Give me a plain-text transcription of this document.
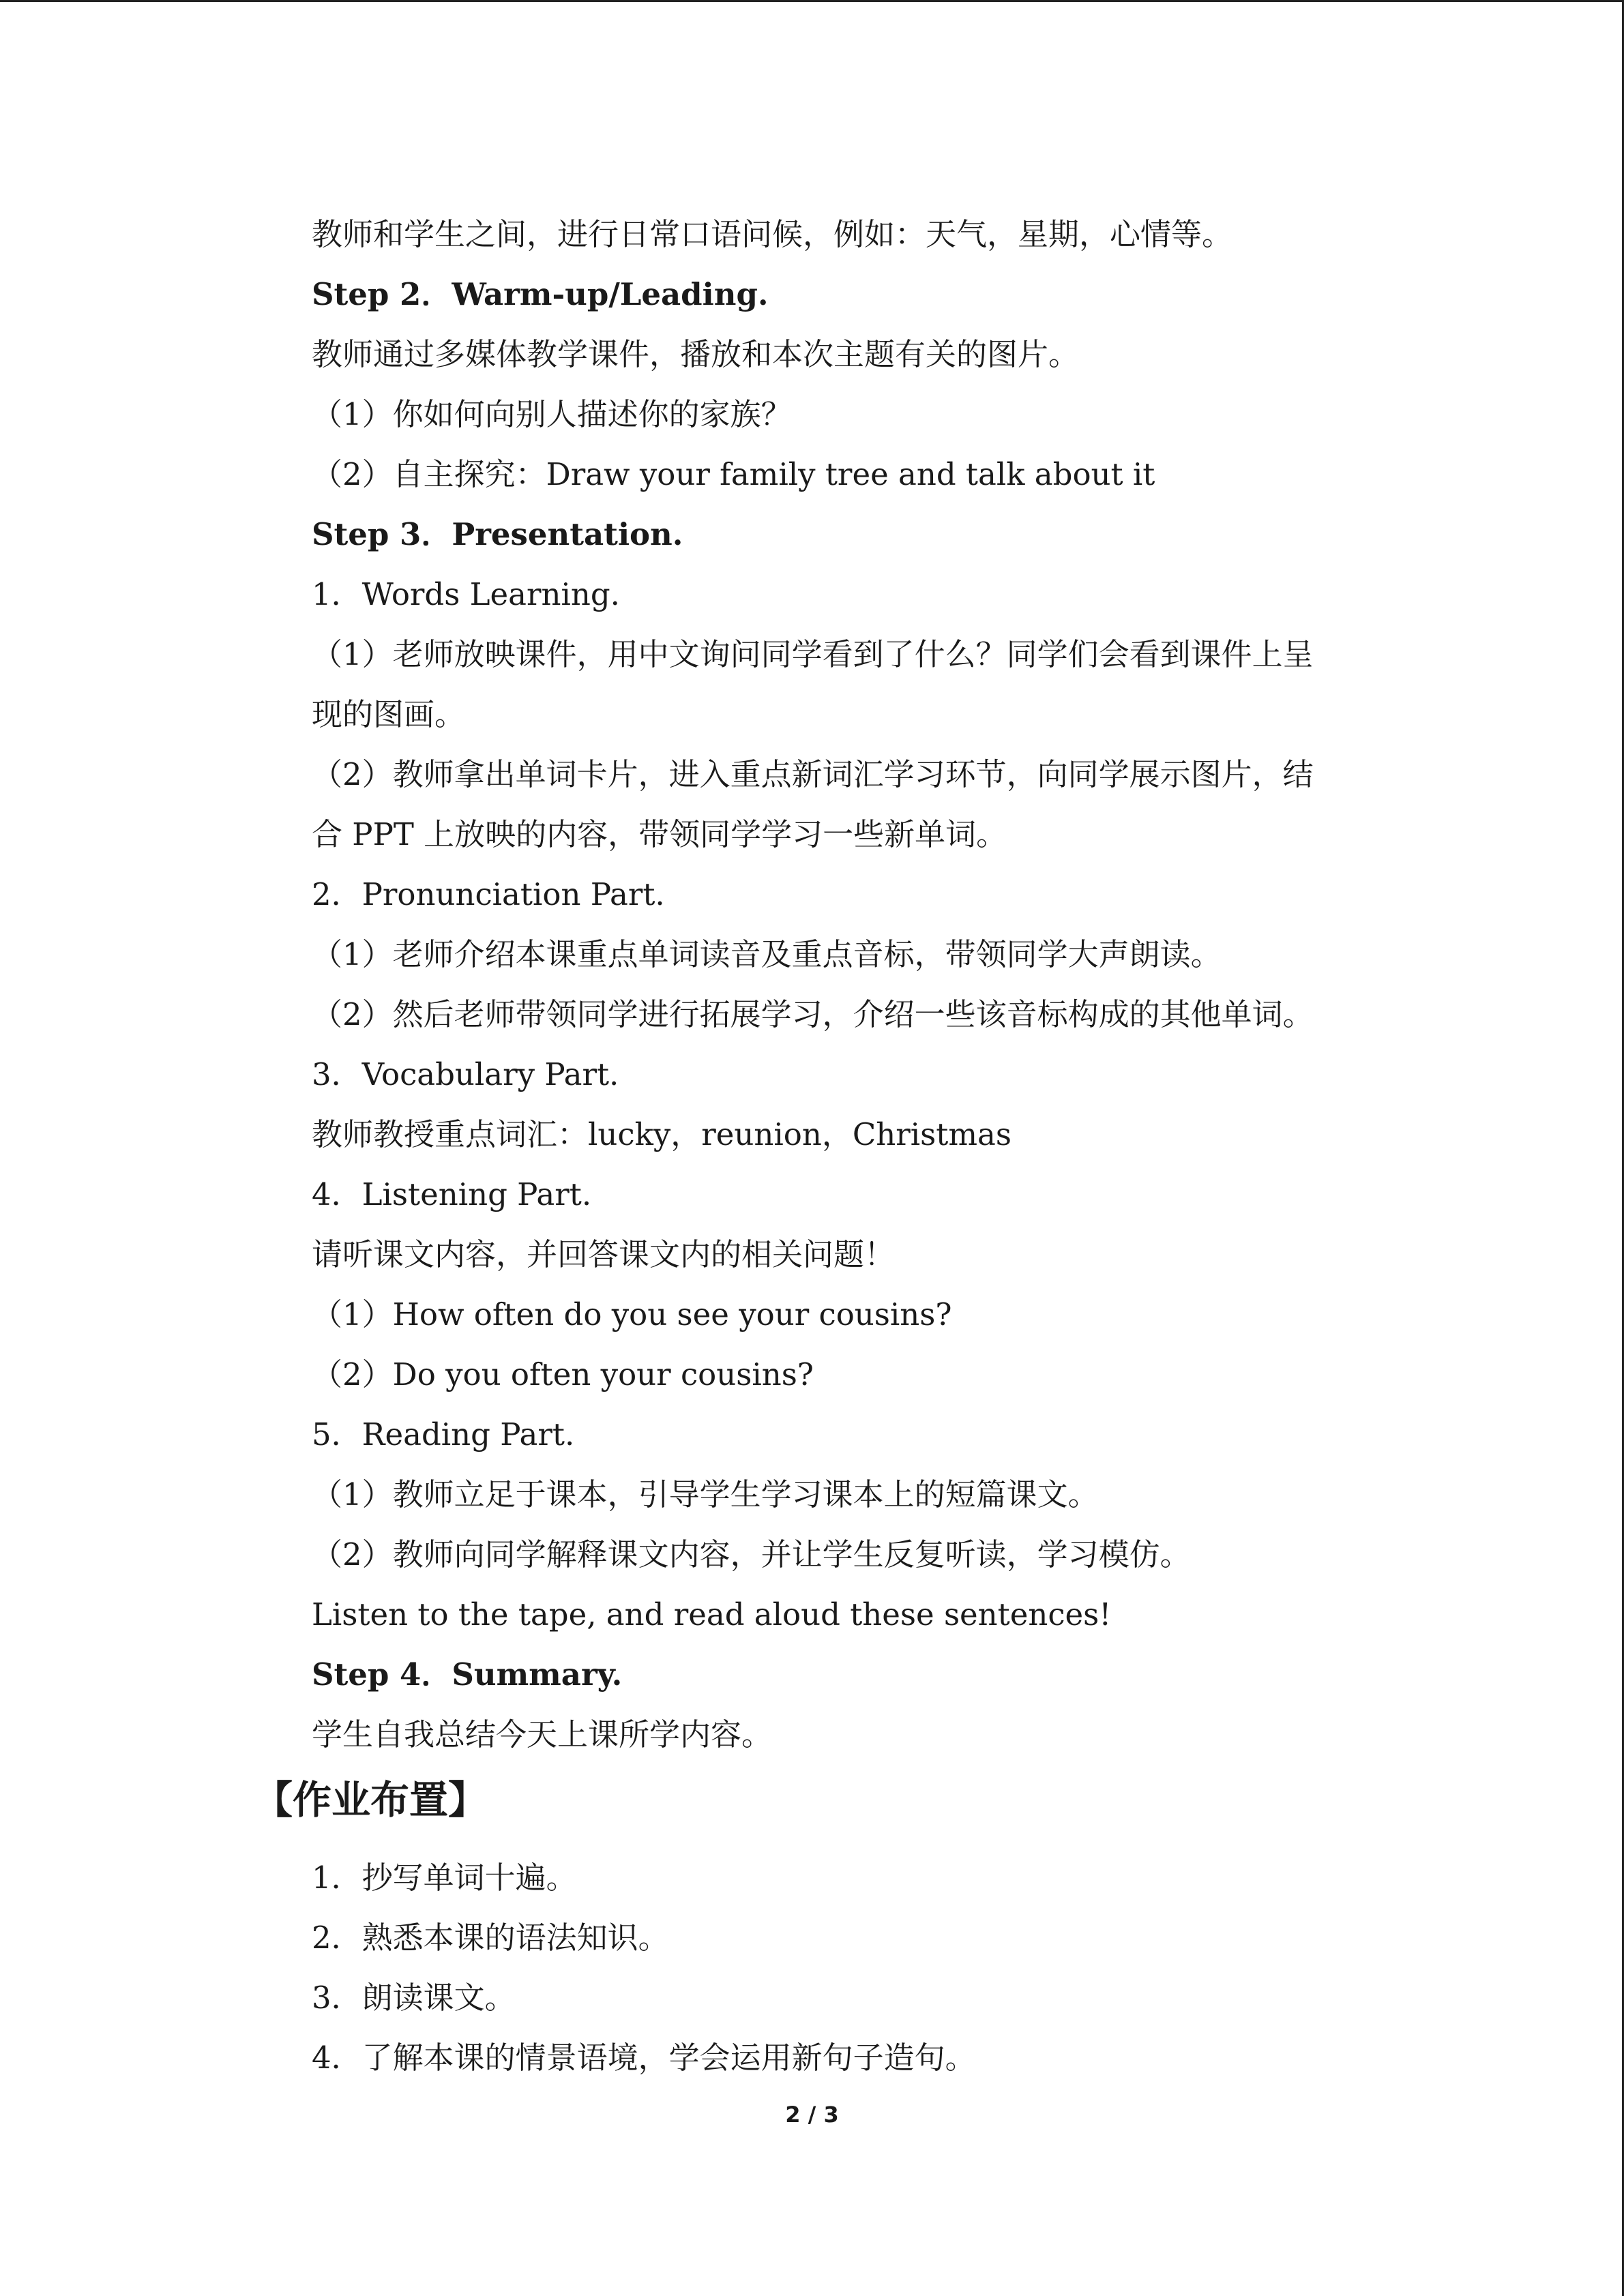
教师和学生之间，进行日常口语问候，例如：天气，星期，心情等。
Step 2．Warm-up/Leading.
教师通过多媒体教学课件，播放和本次主题有关的图片。
（1）你如何向别人描述你的家族？
（2）自主探究：Draw your family tree and talk about it
Step 3．Presentation.
1．Words Learning.
（1）老师放映课件，用中文询问同学看到了什么？同学们会看到课件上呈
现的图画。
（2）教师拿出单词卡片，进入重点新词汇学习环节，向同学展示图片，结
合 PPT 上放映的内容，带领同学学习一些新单词。
2．Pronunciation Part.
（1）老师介绍本课重点单词读音及重点音标，带领同学大声朗读。
（2）然后老师带领同学进行拓展学习，介绍一些该音标构成的其他单词。
3．Vocabulary Part.
教师教授重点词汇：lucky，reunion，Christmas
4．Listening Part.
请听课文内容，并回答课文内的相关问题！
（1）How often do you see your cousins?
（2）Do you often your cousins?
5．Reading Part.
（1）教师立足于课本，引导学生学习课本上的短篇课文。
（2）教师向同学解释课文内容，并让学生反复听读，学习模仿。
Listen to the tape, and read aloud these sentences!
Step 4．Summary.
学生自我总结今天上课所学内容。
【作业布置】
1．抄写单词十遍。
2．熟悉本课的语法知识。
3．朗读课文。
4．了解本课的情景语境，学会运用新句子造句。
2 / 3
